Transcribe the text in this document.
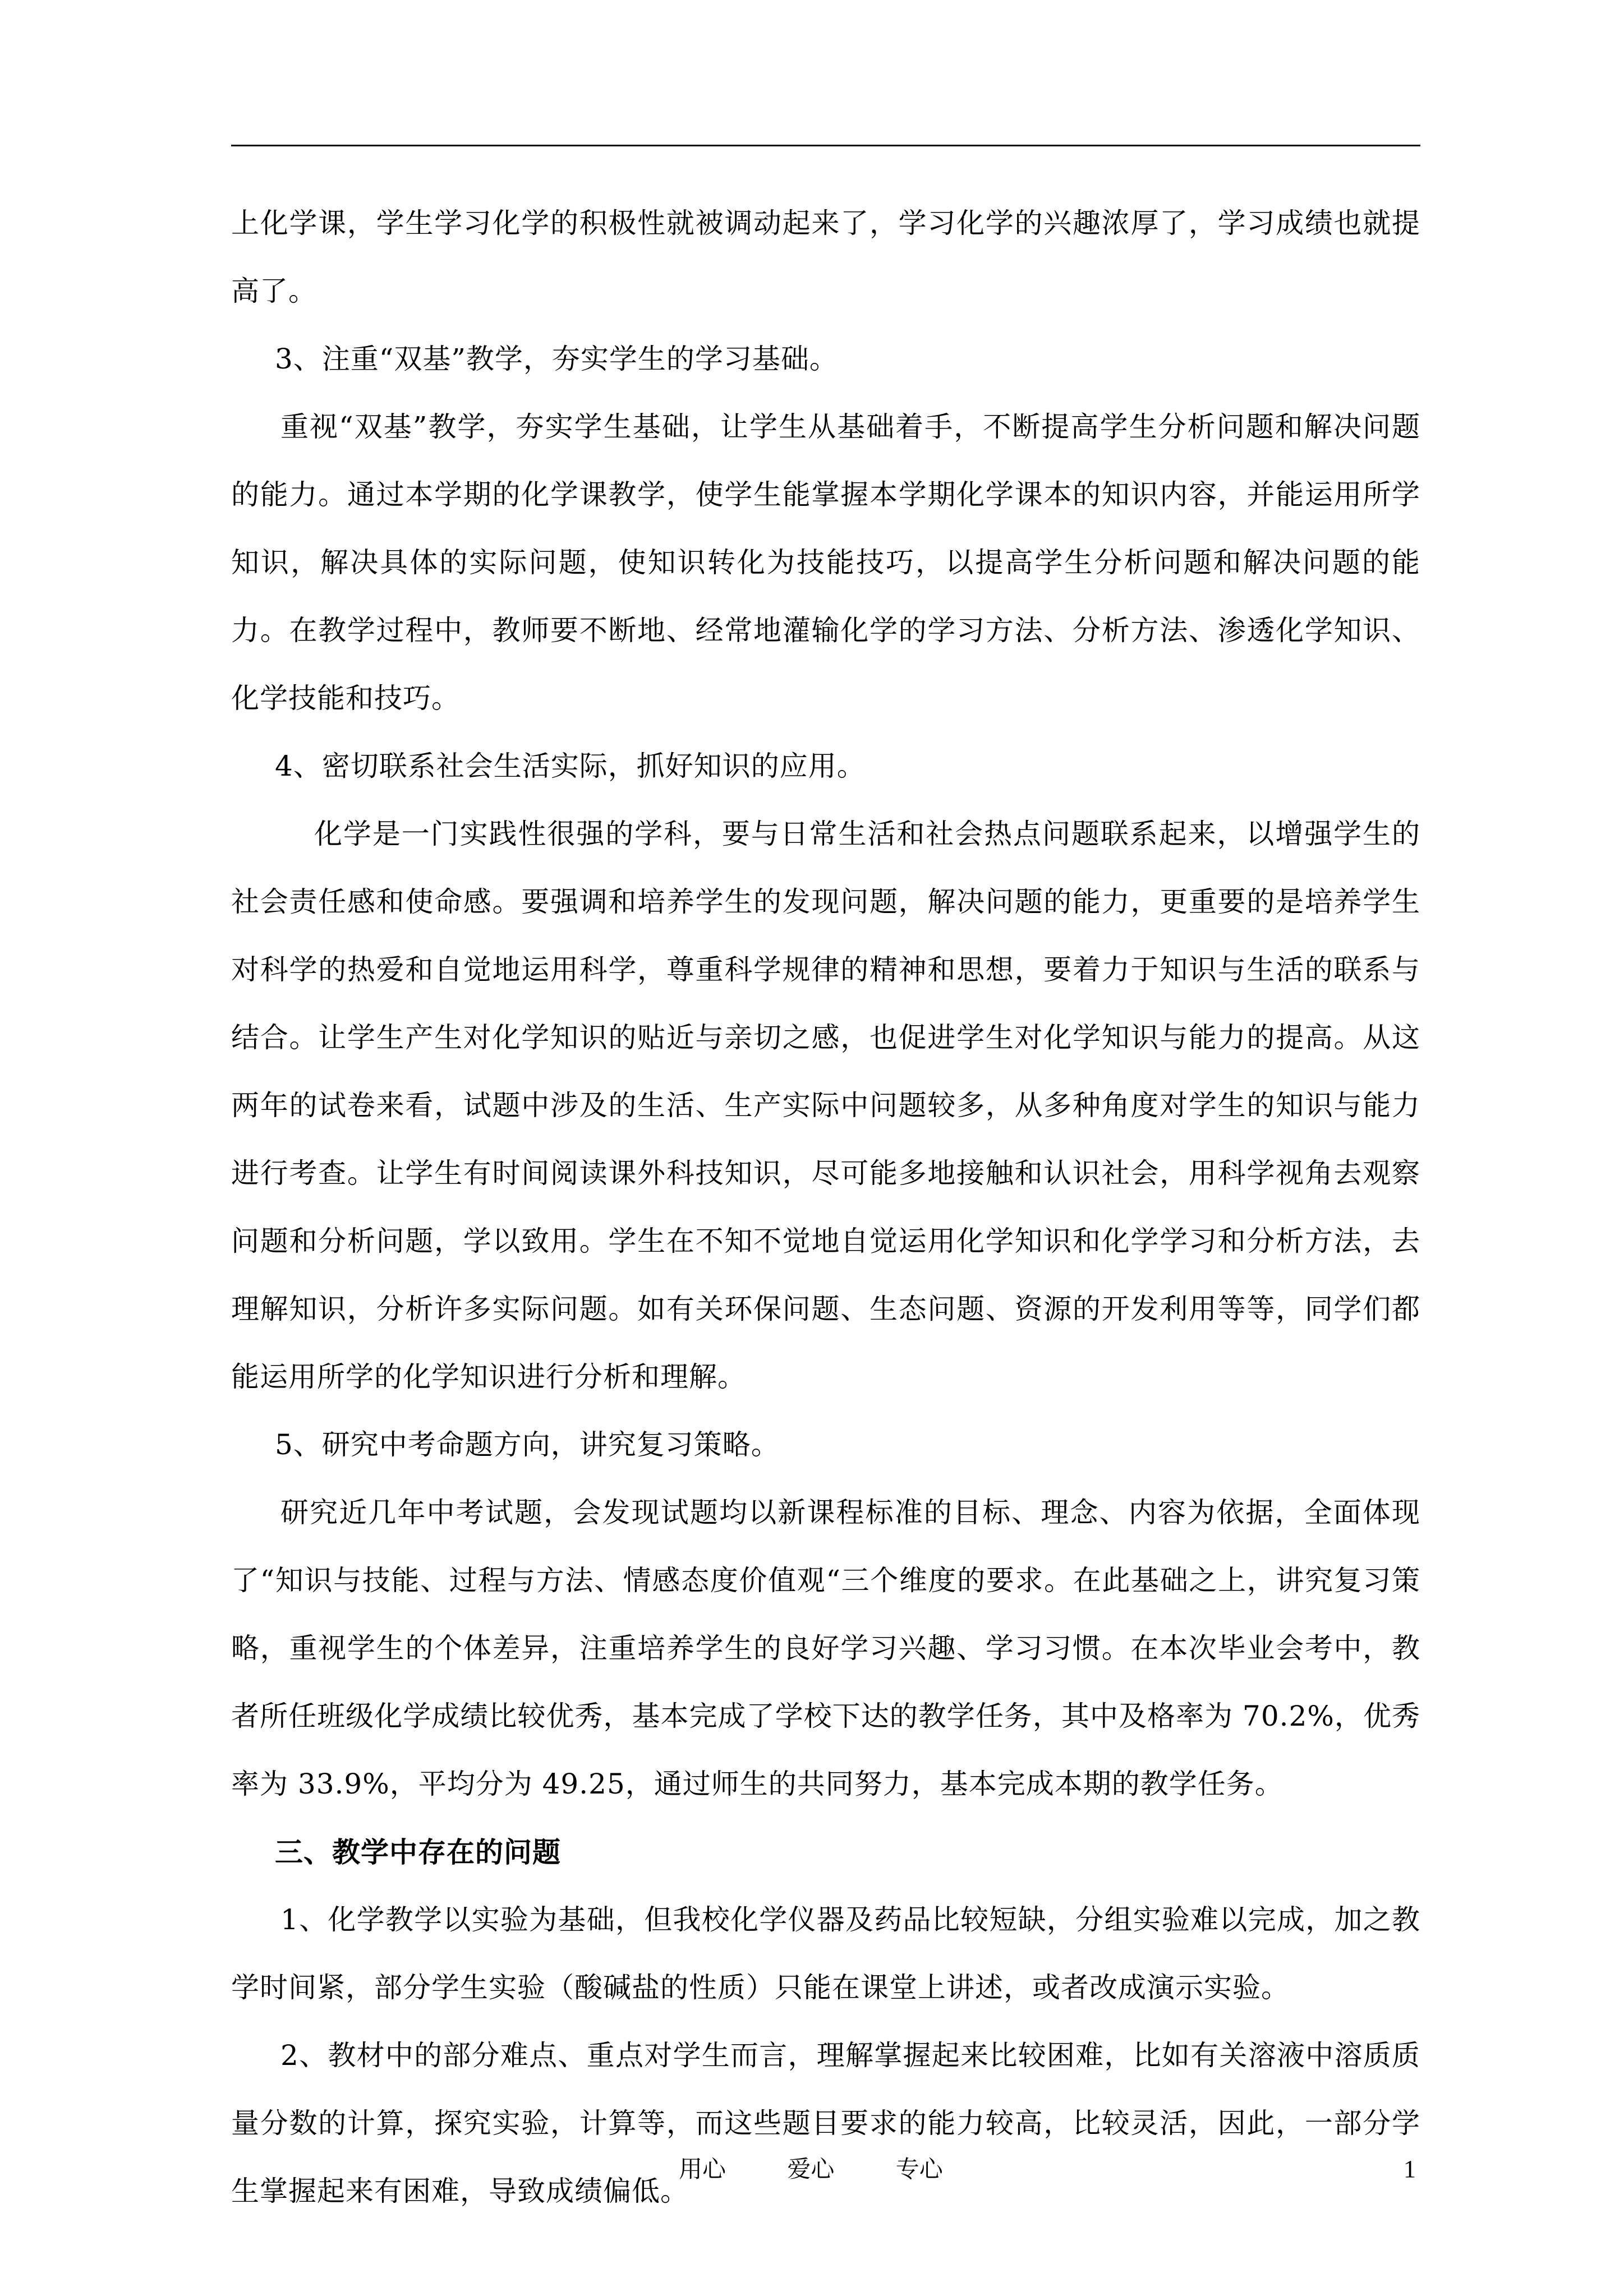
上化学课，学生学习化学的积极性就被调动起来了，学习化学的兴趣浓厚了，学习成绩也就提高了。

3、注重“双基”教学，夯实学生的学习基础。

重视“双基”教学，夯实学生基础，让学生从基础着手，不断提高学生分析问题和解决问题的能力。通过本学期的化学课教学，使学生能掌握本学期化学课本的知识内容，并能运用所学知识，解决具体的实际问题，使知识转化为技能技巧，以提高学生分析问题和解决问题的能力。在教学过程中，教师要不断地、经常地灌输化学的学习方法、分析方法、渗透化学知识、化学技能和技巧。

4、密切联系社会生活实际，抓好知识的应用。

化学是一门实践性很强的学科，要与日常生活和社会热点问题联系起来，以增强学生的社会责任感和使命感。要强调和培养学生的发现问题，解决问题的能力，更重要的是培养学生对科学的热爱和自觉地运用科学，尊重科学规律的精神和思想，要着力于知识与生活的联系与结合。让学生产生对化学知识的贴近与亲切之感，也促进学生对化学知识与能力的提高。从这两年的试卷来看，试题中涉及的生活、生产实际中问题较多，从多种角度对学生的知识与能力进行考查。让学生有时间阅读课外科技知识，尽可能多地接触和认识社会，用科学视角去观察问题和分析问题，学以致用。学生在不知不觉地自觉运用化学知识和化学学习和分析方法，去理解知识，分析许多实际问题。如有关环保问题、生态问题、资源的开发利用等等，同学们都能运用所学的化学知识进行分析和理解。

5、研究中考命题方向，讲究复习策略。

研究近几年中考试题，会发现试题均以新课程标准的目标、理念、内容为依据，全面体现了“知识与技能、过程与方法、情感态度价值观“三个维度的要求。在此基础之上，讲究复习策略，重视学生的个体差异，注重培养学生的良好学习兴趣、学习习惯。在本次毕业会考中，教者所任班级化学成绩比较优秀，基本完成了学校下达的教学任务，其中及格率为 70.2%，优秀率为 33.9%，平均分为 49.25，通过师生的共同努力，基本完成本期的教学任务。

三、教学中存在的问题

1、化学教学以实验为基础，但我校化学仪器及药品比较短缺，分组实验难以完成，加之教学时间紧，部分学生实验（酸碱盐的性质）只能在课堂上讲述，或者改成演示实验。

2、教材中的部分难点、重点对学生而言，理解掌握起来比较困难，比如有关溶液中溶质质量分数的计算，探究实验，计算等，而这些题目要求的能力较高，比较灵活，因此，一部分学生掌握起来有困难，导致成绩偏低。

用心	爱心	专心	1
